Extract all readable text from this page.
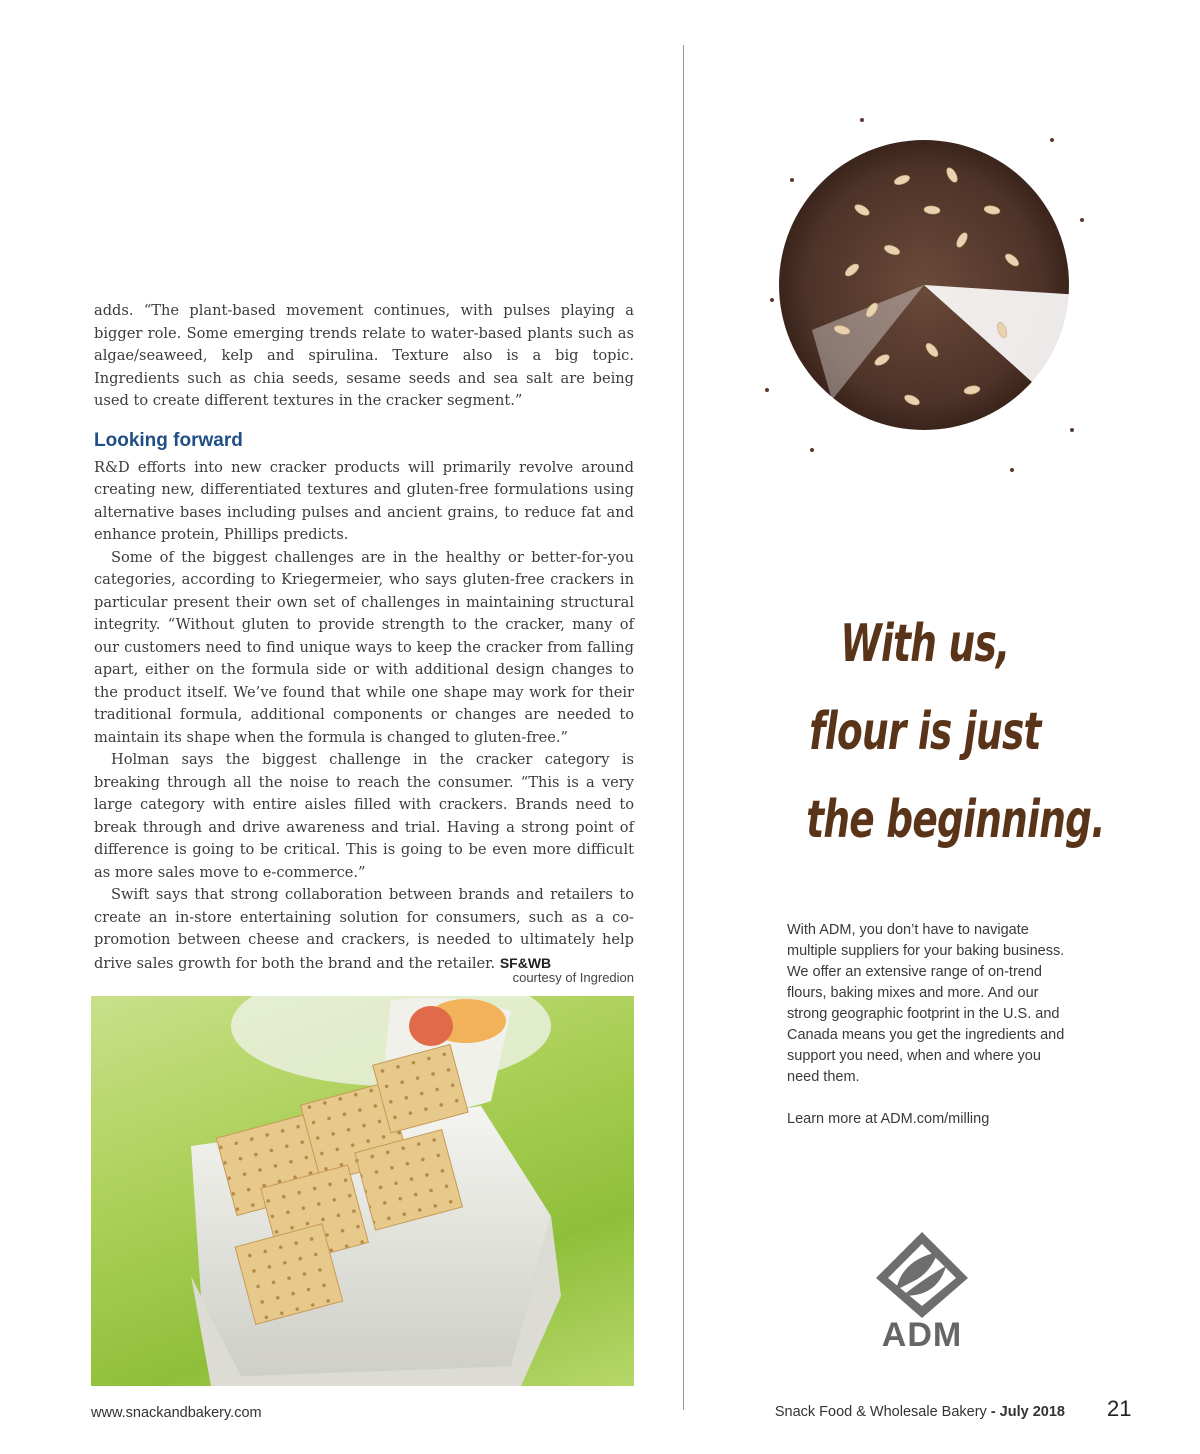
adds. “The plant-based movement continues, with pulses playing a bigger role. Some emerging trends relate to water-based plants such as algae/seaweed, kelp and spirulina. Texture also is a big topic. Ingredients such as chia seeds, sesame seeds and sea salt are being used to create different textures in the cracker segment.”

Looking forward

R&D efforts into new cracker products will primarily revolve around creating new, differentiated textures and gluten-free formulations using alternative bases including pulses and ancient grains, to reduce fat and enhance protein, Phillips predicts.

Some of the biggest challenges are in the healthy or better-for-you categories, according to Kriegermeier, who says gluten-free crackers in particular present their own set of challenges in maintaining structural integrity. “Without gluten to provide strength to the cracker, many of our customers need to find unique ways to keep the cracker from falling apart, either on the formula side or with additional design changes to the product itself. We’ve found that while one shape may work for their traditional formula, additional components or changes are needed to maintain its shape when the formula is changed to gluten-free.”

Holman says the biggest challenge in the cracker category is breaking through all the noise to reach the consumer. “This is a very large category with entire aisles filled with crackers. Brands need to break through and drive awareness and trial. Having a strong point of difference is going to be critical. This is going to be even more difficult as more sales move to e-commerce.”

Swift says that strong collaboration between brands and retailers to create an in-store entertaining solution for consumers, such as a co-promotion between cheese and crackers, is needed to ultimately help drive sales growth for both the brand and the retailer. SF&WB

courtesy of Ingredion
With us,
flour is just
the beginning.

With ADM, you don’t have to navigate multiple suppliers for your baking business. We offer an extensive range of on-trend flours, baking mixes and more. And our strong geographic footprint in the U.S. and Canada means you get the ingredients and support you need, when and where you need them.

Learn more at ADM.com/milling

ADM
www.snackandbakery.com	Snack Food & Wholesale Bakery - July 2018 21
